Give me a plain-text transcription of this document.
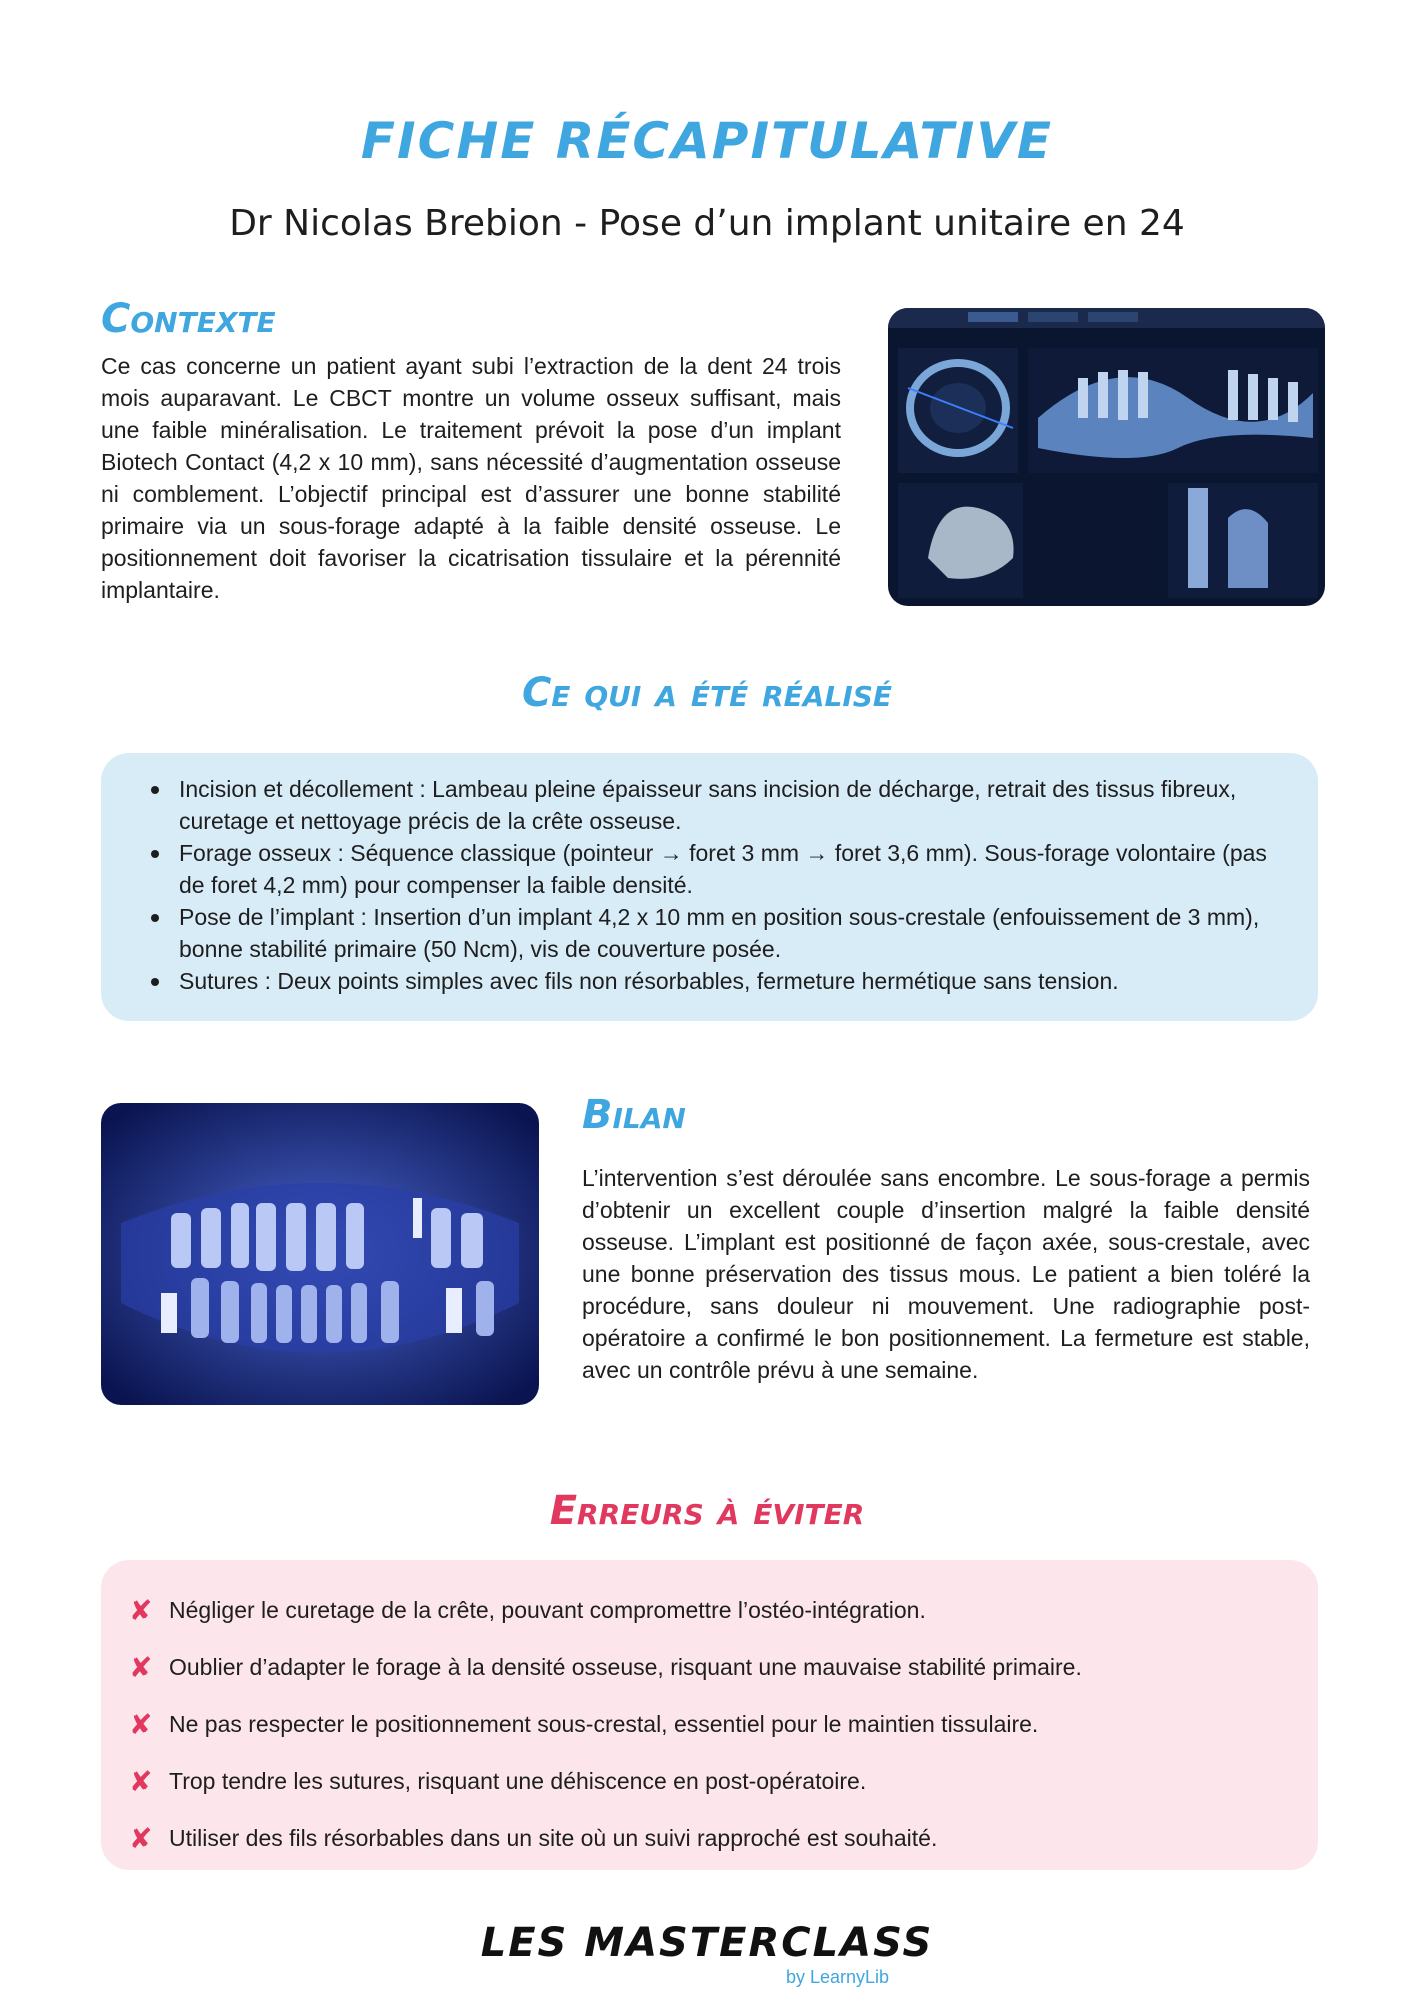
FICHE RÉCAPITULATIVE
Dr Nicolas Brebion - Pose d’un implant unitaire en 24
Contexte
Ce cas concerne un patient ayant subi l’extraction de la dent 24 trois mois auparavant. Le CBCT montre un volume osseux suffisant, mais une faible minéralisation. Le traitement prévoit la pose d’un implant Biotech Contact (4,2 x 10 mm), sans nécessité d’augmentation osseuse ni comblement. L’objectif principal est d’assurer une bonne stabilité primaire via un sous-forage adapté à la faible densité osseuse. Le positionnement doit favoriser la cicatrisation tissulaire et la pérennité implantaire.
Ce qui a été réalisé
Incision et décollement : Lambeau pleine épaisseur sans incision de décharge, retrait des tissus fibreux, curetage et nettoyage précis de la crête osseuse.
Forage osseux : Séquence classique (pointeur → foret 3 mm → foret 3,6 mm). Sous-forage volontaire (pas de foret 4,2 mm) pour compenser la faible densité.
Pose de l’implant : Insertion d’un implant 4,2 x 10 mm en position sous-crestale (enfouissement de 3 mm), bonne stabilité primaire (50 Ncm), vis de couverture posée.
Sutures : Deux points simples avec fils non résorbables, fermeture hermétique sans tension.
Bilan
L’intervention s’est déroulée sans encombre. Le sous-forage a permis d’obtenir un excellent couple d’insertion malgré la faible densité osseuse. L’implant est positionné de façon axée, sous-crestale, avec une bonne préservation des tissus mous. Le patient a bien toléré la procédure, sans douleur ni mouvement. Une radiographie post-opératoire a confirmé le bon positionnement. La fermeture est stable, avec un contrôle prévu à une semaine.
Erreurs à éviter
✘ Négliger le curetage de la crête, pouvant compromettre l’ostéo-intégration.
✘ Oublier d’adapter le forage à la densité osseuse, risquant une mauvaise stabilité primaire.
✘ Ne pas respecter le positionnement sous-crestal, essentiel pour le maintien tissulaire.
✘ Trop tendre les sutures, risquant une déhiscence en post-opératoire.
✘ Utiliser des fils résorbables dans un site où un suivi rapproché est souhaité.
LES MASTERCLASS
by LearnyLib
